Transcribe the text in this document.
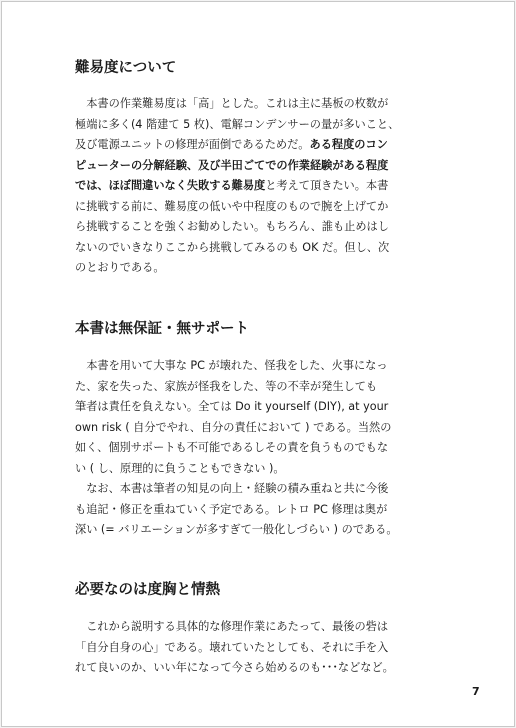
難易度について
本書の作業難易度は「高」とした。これは主に基板の枚数が
極端に多く(4 階建て 5 枚)、電解コンデンサーの量が多いこと、
及び電源ユニットの修理が面倒であるためだ。ある程度のコン
ピューターの分解経験、及び半田ごてでの作業経験がある程度
では、ほぼ間違いなく失敗する難易度と考えて頂きたい。本書
に挑戦する前に、難易度の低いや中程度のもので腕を上げてか
ら挑戦することを強くお勧めしたい。もちろん、誰も止めはし
ないのでいきなりここから挑戦してみるのも OK だ。但し、次
のとおりである。
本書は無保証・無サポート
本書を用いて大事な PC が壊れた、怪我をした、火事になっ
た、家を失った、家族が怪我をした、等の不幸が発生しても
筆者は責任を負えない。全ては Do it yourself (DIY), at your
own risk ( 自分でやれ、自分の責任において ) である。当然の
如く、個別サポートも不可能であるしその責を負うものでもな
い ( し、原理的に負うこともできない )。
なお、本書は筆者の知見の向上・経験の積み重ねと共に今後
も追記・修正を重ねていく予定である。レトロ PC 修理は奥が
深い (= バリエーションが多すぎて一般化しづらい ) のである。
必要なのは度胸と情熱
これから説明する具体的な修理作業にあたって、最後の砦は
「自分自身の心」である。壊れていたとしても、それに手を入
れて良いのか、いい年になって今さら始めるのも･･･などなど。
7
